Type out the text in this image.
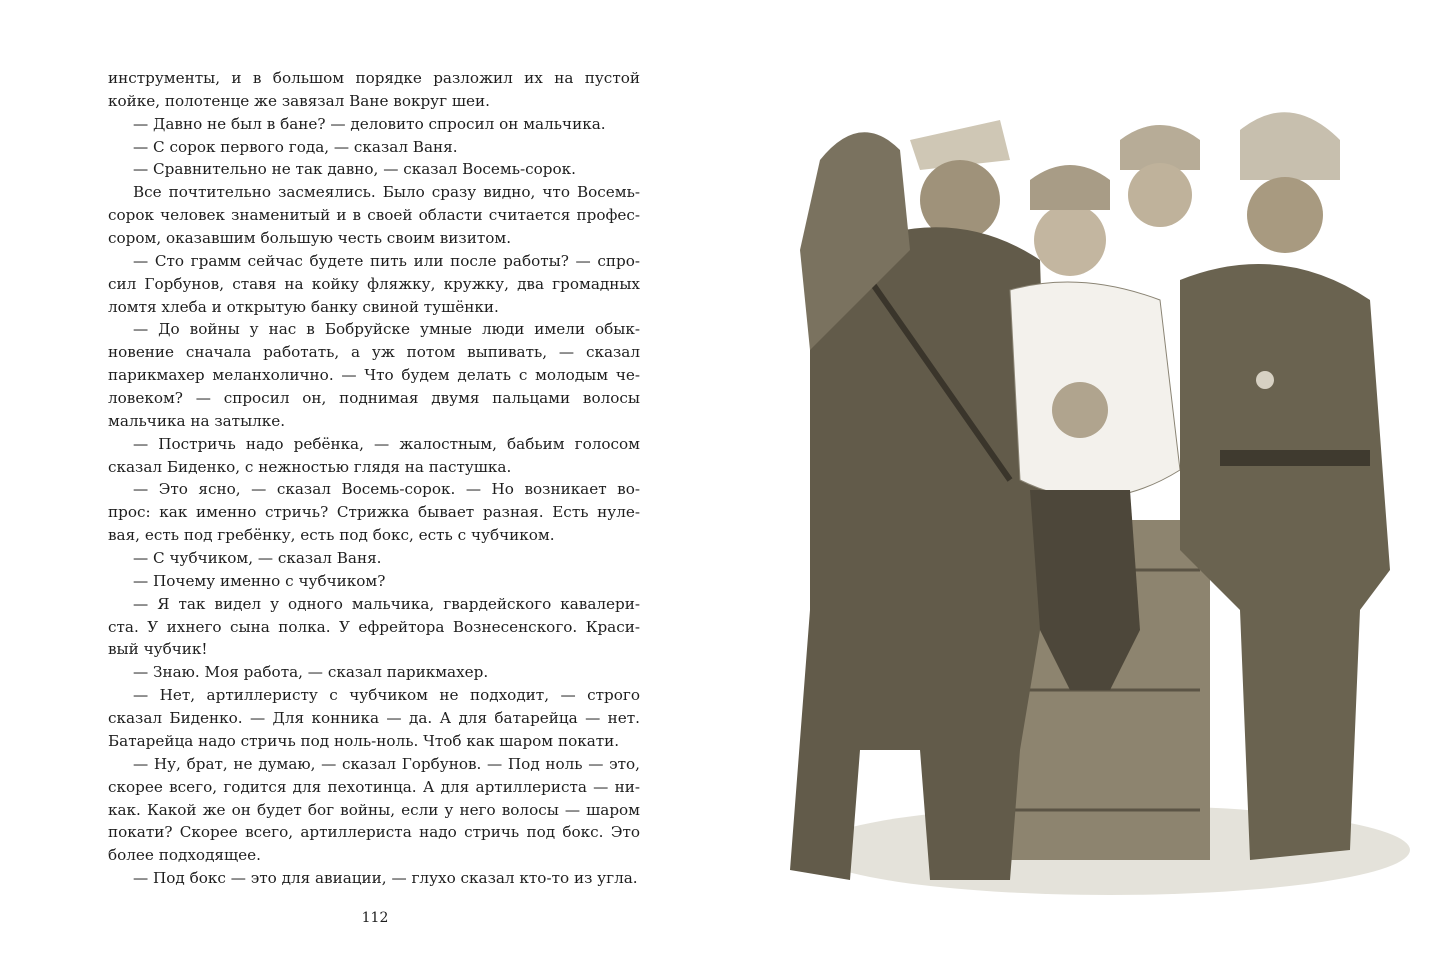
инструменты, и в большом порядке разложил их на пустой
койке, полотенце же завязал Ване вокруг шеи.
— Давно не был в бане? — деловито спросил он мальчика.
— С сорок первого года, — сказал Ваня.
— Сравнительно не так давно, — сказал Восемь-сорок.
Все почтительно засмеялись. Было сразу видно, что Восемь-
сорок человек знаменитый и в своей области считается профес-
сором, оказавшим большую честь своим визитом.
— Сто грамм сейчас будете пить или после работы? — спро-
сил Горбунов, ставя на койку фляжку, кружку, два громадных
ломтя хлеба и открытую банку свиной тушёнки.
— До войны у нас в Бобруйске умные люди имели обык-
новение сначала работать, а уж потом выпивать, — сказал
парикмахер меланхолично. — Что будем делать с молодым че-
ловеком? — спросил он, поднимая двумя пальцами волосы
мальчика на затылке.
— Постричь надо ребёнка, — жалостным, бабьим голосом
сказал Биденко, с нежностью глядя на пастушка.
— Это ясно, — сказал Восемь-сорок. — Но возникает во-
прос: как именно стричь? Стрижка бывает разная. Есть нуле-
вая, есть под гребёнку, есть под бокс, есть с чубчиком.
— С чубчиком, — сказал Ваня.
— Почему именно с чубчиком?
— Я так видел у одного мальчика, гвардейского кавалери-
ста. У ихнего сына полка. У ефрейтора Вознесенского. Краси-
вый чубчик!
— Знаю. Моя работа, — сказал парикмахер.
— Нет, артиллеристу с чубчиком не подходит, — строго
сказал Биденко. — Для конника — да. А для батарейца — нет.
Батарейца надо стричь под ноль-ноль. Чтоб как шаром покати.
— Ну, брат, не думаю, — сказал Горбунов. — Под ноль — это,
скорее всего, годится для пехотинца. А для артиллериста — ни-
как. Какой же он будет бог войны, если у него волосы — шаром
покати? Скорее всего, артиллериста надо стричь под бокс. Это
более подходящее.
— Под бокс — это для авиации, — глухо сказал кто-то из угла.
112
